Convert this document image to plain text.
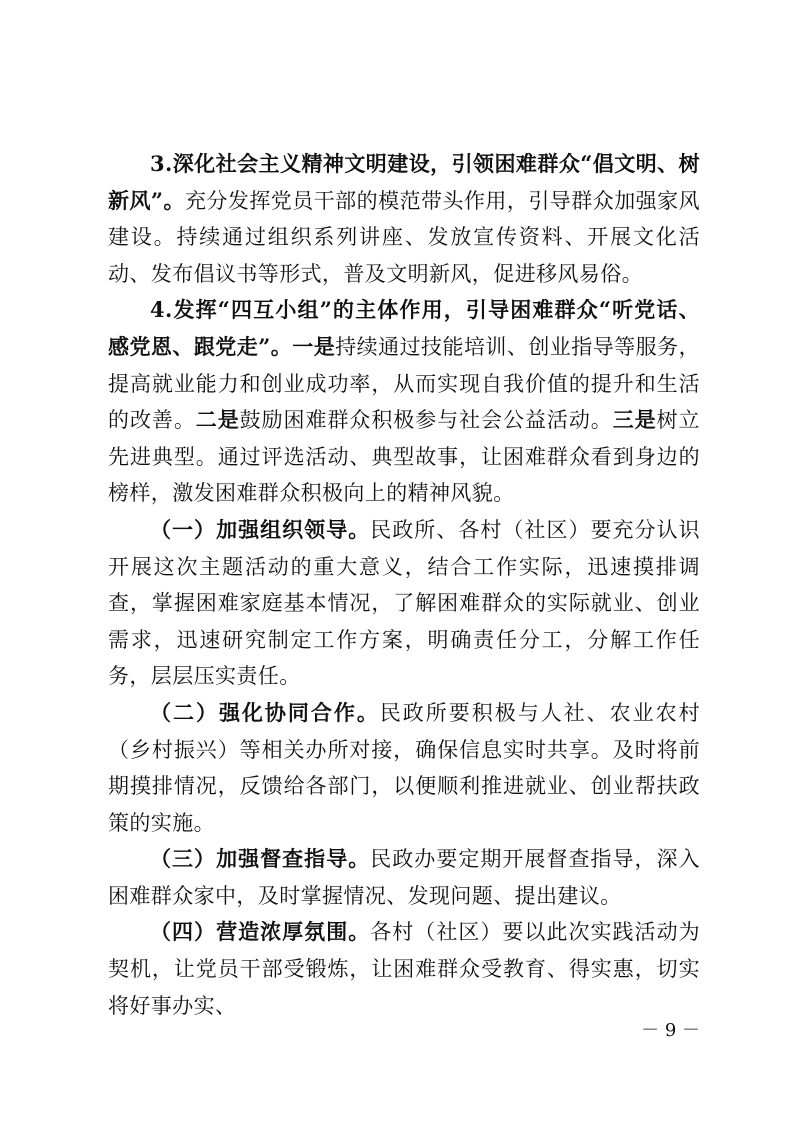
3.深化社会主义精神文明建设，引领困难群众“倡文明、树新风”。充分发挥党员干部的模范带头作用，引导群众加强家风建设。持续通过组织系列讲座、发放宣传资料、开展文化活动、发布倡议书等形式，普及文明新风，促进移风易俗。

4.发挥“四互小组”的主体作用，引导困难群众“听党话、感党恩、跟党走”。一是持续通过技能培训、创业指导等服务，提高就业能力和创业成功率，从而实现自我价值的提升和生活的改善。二是鼓励困难群众积极参与社会公益活动。三是树立先进典型。通过评选活动、典型故事，让困难群众看到身边的榜样，激发困难群众积极向上的精神风貌。

（一）加强组织领导。民政所、各村（社区）要充分认识开展这次主题活动的重大意义，结合工作实际，迅速摸排调查，掌握困难家庭基本情况，了解困难群众的实际就业、创业需求，迅速研究制定工作方案，明确责任分工，分解工作任务，层层压实责任。

（二）强化协同合作。民政所要积极与人社、农业农村（乡村振兴）等相关办所对接，确保信息实时共享。及时将前期摸排情况，反馈给各部门，以便顺利推进就业、创业帮扶政策的实施。

（三）加强督查指导。民政办要定期开展督查指导，深入困难群众家中，及时掌握情况、发现问题、提出建议。

（四）营造浓厚氛围。各村（社区）要以此次实践活动为契机，让党员干部受锻炼，让困难群众受教育、得实惠，切实将好事办实、

－ 9 －
